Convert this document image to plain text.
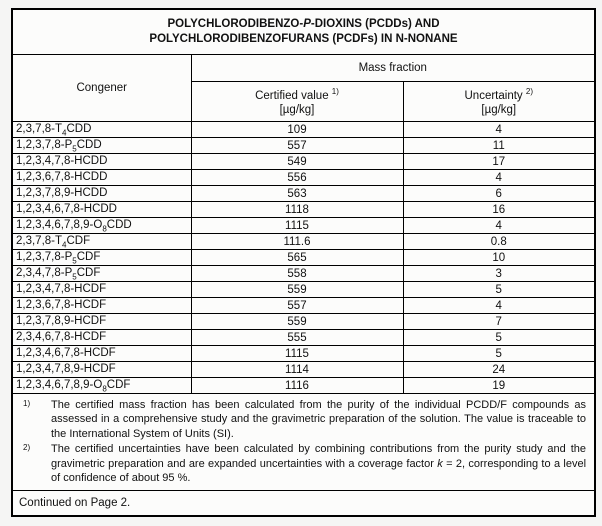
POLYCHLORODIBENZO-P-DIOXINS (PCDDs) AND
POLYCHLORODIBENZOFURANS (PCDFs) IN N-NONANE		

Congener	Mass fraction	

Certified value $^{1)}$
[µg/kg]

Uncertainty $^{2)}$
[µg/kg]

$2,3,7,8-T_4CDD$	109	4
$1,2,3,7,8-P_5CDD$	557	11
1,2,3,4,7,8-HCDD	549	17
1,2,3,6,7,8-HCDD	556	4
1,2,3,7,8,9-HCDD	563	6
1,2,3,4,6,7,8-HCDD	1118	16
$1,2,3,4,6,7,8,9-O_8CDD$	1115	4
$2,3,7,8-T_4CDF$	111.6	0.8
$1,2,3,7,8-P_5CDF$	565	10
$2,3,4,7,8-P_5CDF$	558	3
1,2,3,4,7,8-HCDF	559	5
1,2,3,6,7,8-HCDF	557	4
1,2,3,7,8,9-HCDF	559	7
2,3,4,6,7,8-HCDF	555	5
1,2,3,4,6,7,8-HCDF	1115	5
1,2,3,4,7,8,9-HCDF	1114	24
$1,2,3,4,6,7,8,9-O_8CDF$	1116	19

1) The certified mass fraction has been calculated from the purity of the individual PCDD/F compounds as assessed in a comprehensive study and the gravimetric preparation of the solution. The value is traceable to the International System of Units (SI).
2) The certified uncertainties have been calculated by combining contributions from the purity study and the gravimetric preparation and are expanded uncertainties with a coverage factor k = 2, corresponding to a level of confidence of about 95 %.		

Continued on Page 2.		
